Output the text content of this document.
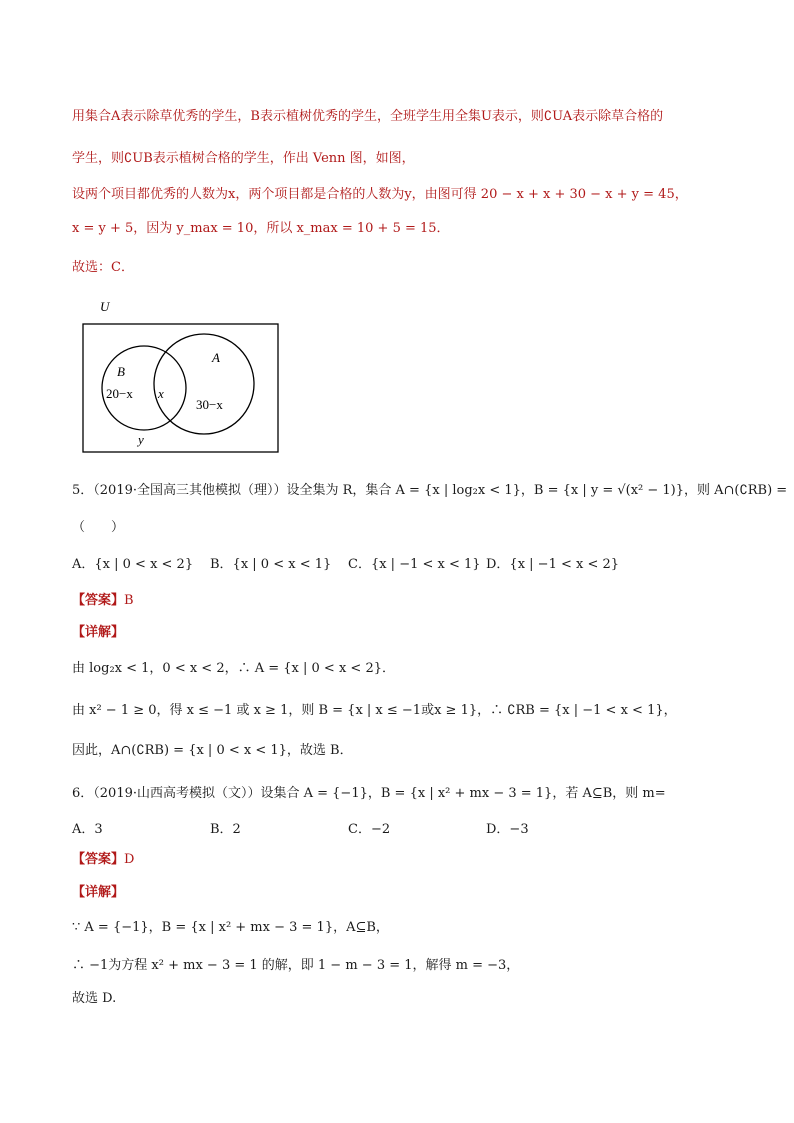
用集合A表示除草优秀的学生，B表示植树优秀的学生，全班学生用全集U表示，则∁UA表示除草合格的
学生，则∁UB表示植树合格的学生，作出 Venn 图，如图，
设两个项目都优秀的人数为x，两个项目都是合格的人数为y，由图可得 20 − x + x + 30 − x + y = 45，
x = y + 5，因为 y_max = 10，所以 x_max = 10 + 5 = 15．
故选：C．
U
B
A
20−x x
30−x
y
5．（2019·全国高三其他模拟（理））设全集为 R，集合 A = {x | log₂x < 1}，B = {x | y = √(x² − 1)}，则 A∩(∁RB) =
（　　）
A．{x | 0 < x < 2} B．{x | 0 < x < 1} C．{x | −1 < x < 1} D．{x | −1 < x < 2}
【答案】B
【详解】
由 log₂x < 1，0 < x < 2，∴ A = {x | 0 < x < 2}．
由 x² − 1 ≥ 0，得 x ≤ −1 或 x ≥ 1，则 B = {x | x ≤ −1或x ≥ 1}，∴ ∁RB = {x | −1 < x < 1}，
因此，A∩(∁RB) = {x | 0 < x < 1}，故选 B．
6．（2019·山西高考模拟（文））设集合 A = {−1}，B = {x | x² + mx − 3 = 1}，若 A⊆B，则 m=
A．3	B．2	C．−2	D．−3
【答案】D
【详解】
∵ A = {−1}，B = {x | x² + mx − 3 = 1}，A⊆B，
∴ −1为方程 x² + mx − 3 = 1 的解，即 1 − m − 3 = 1，解得 m = −3，
故选 D.
